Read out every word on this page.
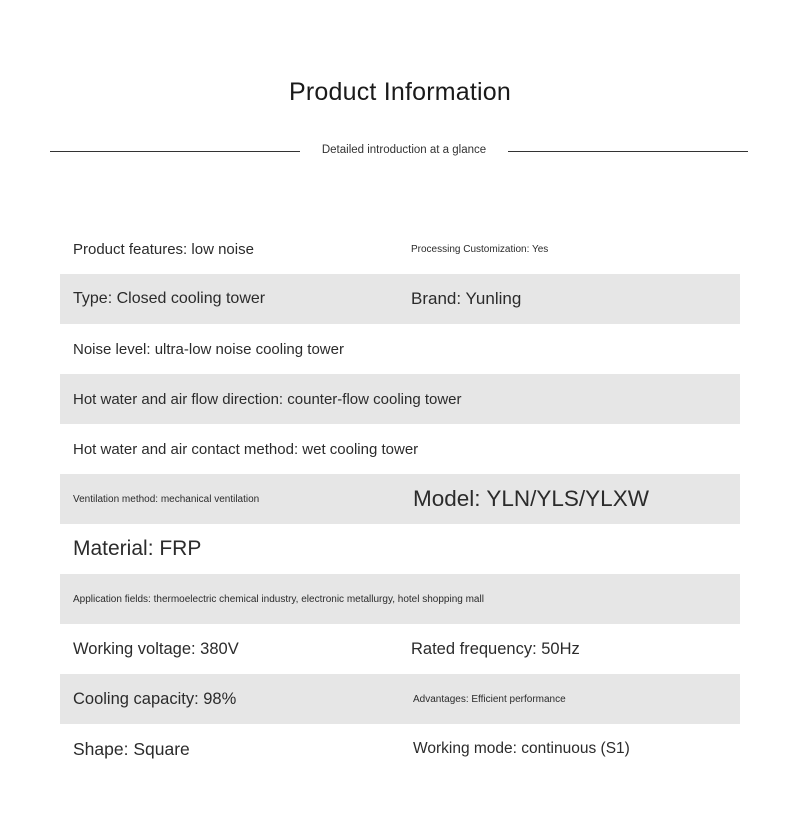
Product Information
Detailed introduction at a glance
Product features: low noise	Processing Customization: Yes
Type: Closed cooling tower	Brand: Yunling
Noise level: ultra-low noise cooling tower
Hot water and air flow direction: counter-flow cooling tower
Hot water and air contact method: wet cooling tower
Ventilation method: mechanical ventilation	Model: YLN/YLS/YLXW
Material: FRP
Application fields: thermoelectric chemical industry, electronic metallurgy, hotel shopping mall
Working voltage: 380V	Rated frequency: 50Hz
Cooling capacity: 98%	Advantages: Efficient performance
Shape: Square	Working mode: continuous (S1)
